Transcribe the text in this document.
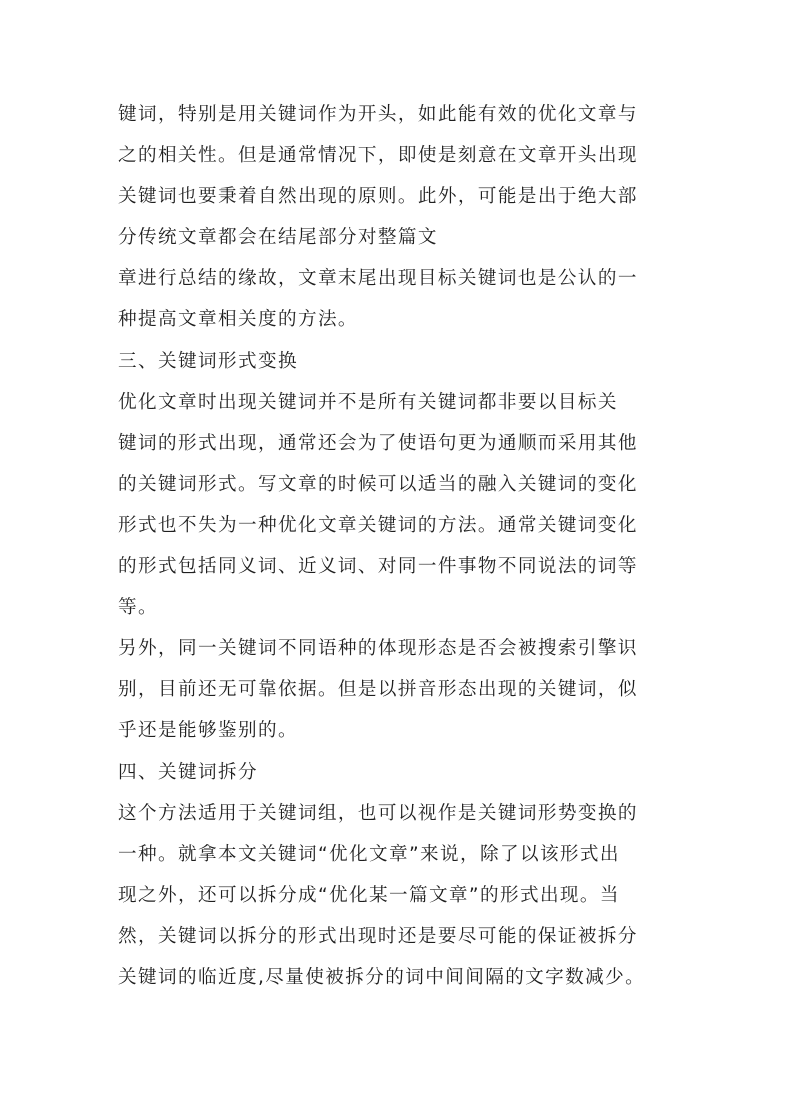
键词，特别是用关键词作为开头，如此能有效的优化文章与
之的相关性。但是通常情况下，即使是刻意在文章开头出现
关键词也要秉着自然出现的原则。此外，可能是出于绝大部
分传统文章都会在结尾部分对整篇文
章进行总结的缘故，文章末尾出现目标关键词也是公认的一
种提高文章相关度的方法。
三、关键词形式变换
优化文章时出现关键词并不是所有关键词都非要以目标关
键词的形式出现，通常还会为了使语句更为通顺而采用其他
的关键词形式。写文章的时候可以适当的融入关键词的变化
形式也不失为一种优化文章关键词的方法。通常关键词变化
的形式包括同义词、近义词、对同一件事物不同说法的词等
等。
另外，同一关键词不同语种的体现形态是否会被搜索引擎识
别，目前还无可靠依据。但是以拼音形态出现的关键词，似
乎还是能够鉴别的。
四、关键词拆分
这个方法适用于关键词组，也可以视作是关键词形势变换的
一种。就拿本文关键词“优化文章”来说，除了以该形式出
现之外，还可以拆分成“优化某一篇文章”的形式出现。当
然，关键词以拆分的形式出现时还是要尽可能的保证被拆分
关键词的临近度,尽量使被拆分的词中间间隔的文字数减少。
